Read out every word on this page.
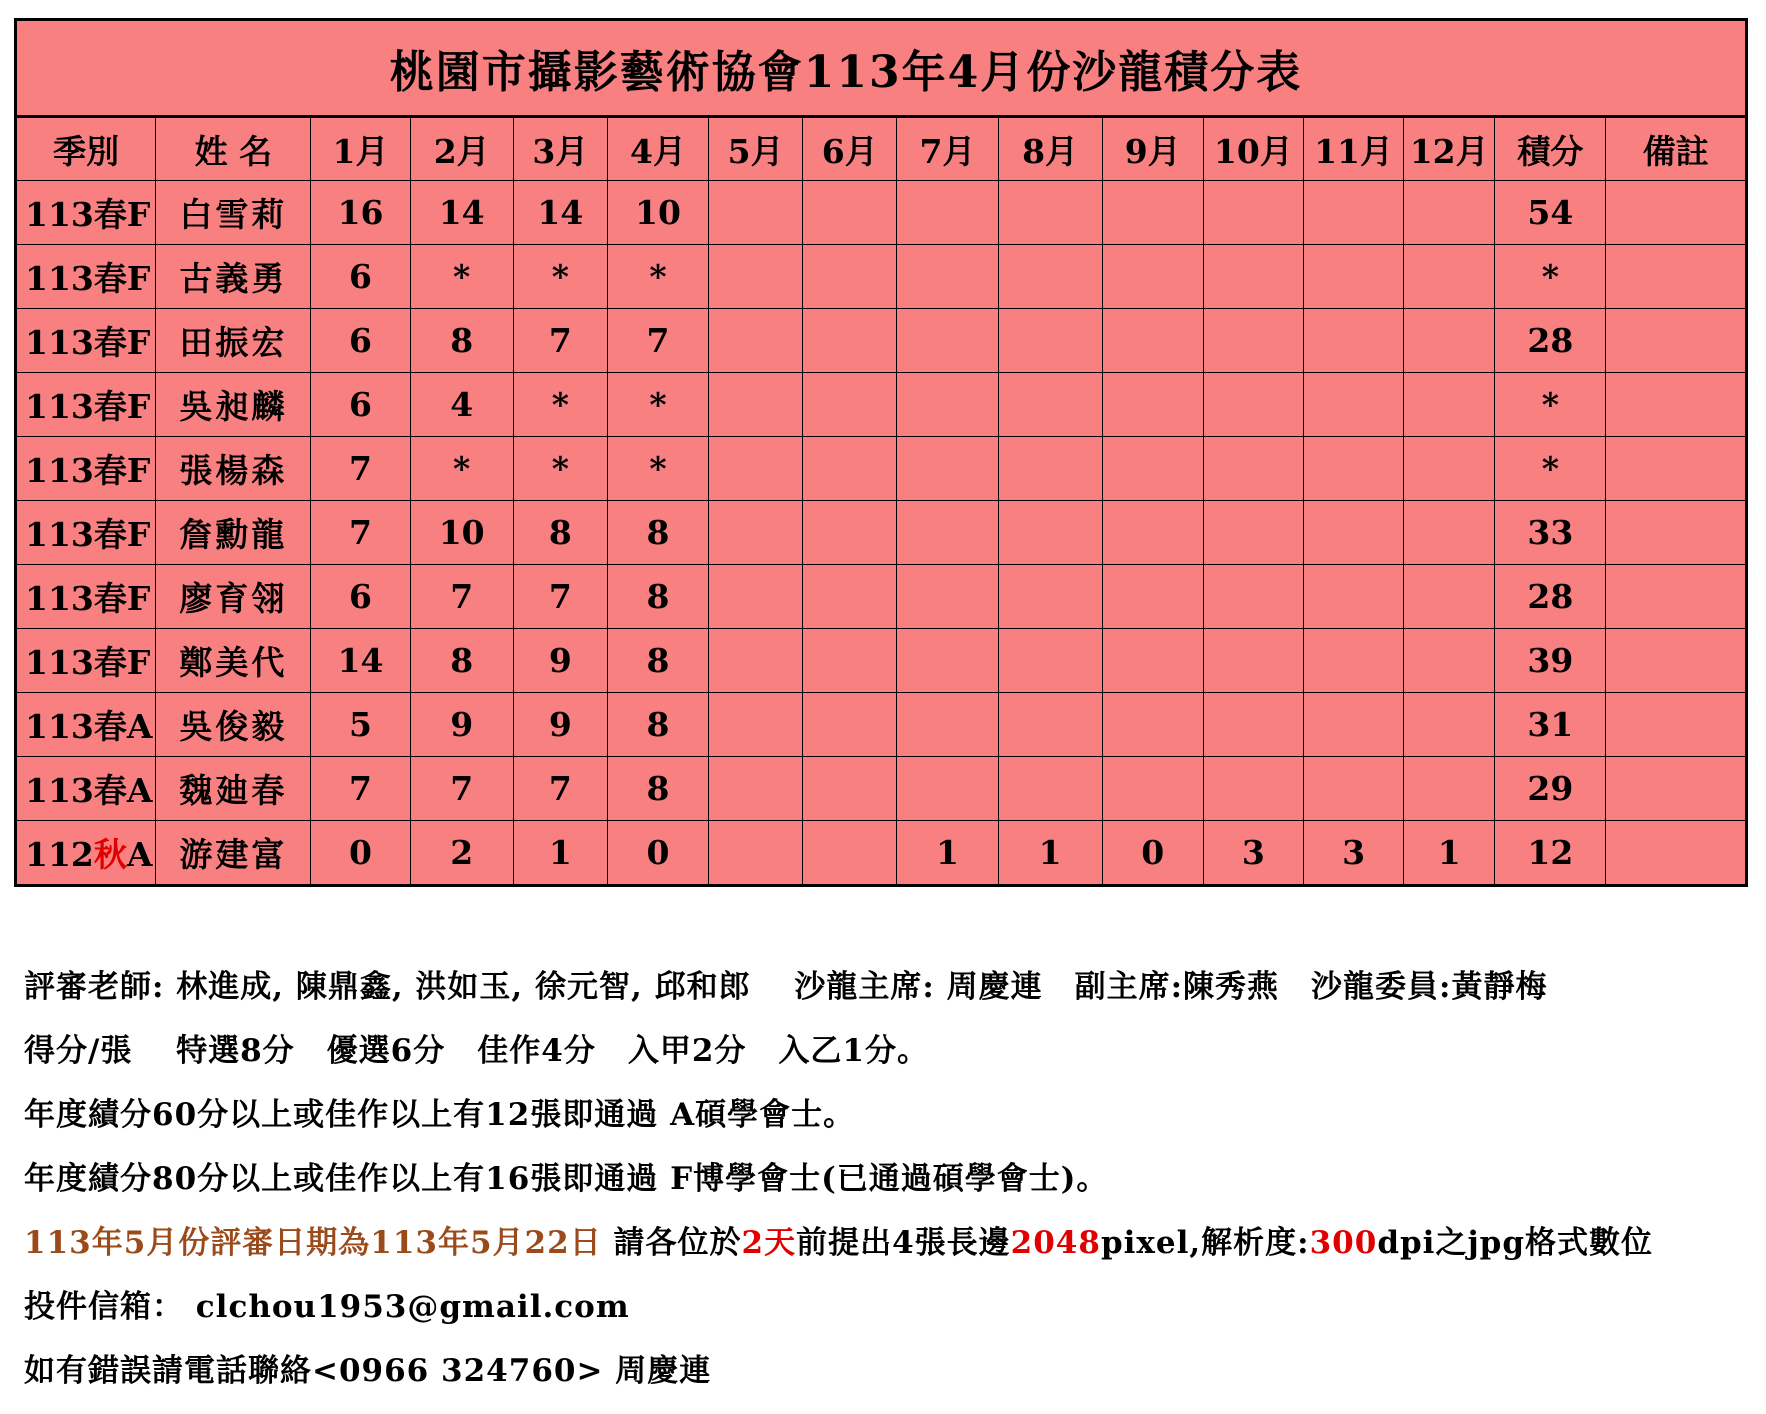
桃園市攝影藝術協會113年4月份沙龍積分表															
季別	姓 名	1月	2月	3月	4月	5月	6月	7月	8月	9月	10月	11月	12月	積分	備註
113春F	白雪莉	16	14	14	10									54	
113春F	古義勇	6	*	*	*									*	
113春F	田振宏	6	8	7	7									28	
113春F	吳昶麟	6	4	*	*									*	
113春F	張楊森	7	*	*	*									*	
113春F	詹勳龍	7	10	8	8									33	
113春F	廖育翎	6	7	7	8									28	
113春F	鄭美代	14	8	9	8									39	
113春A	吳俊毅	5	9	9	8									31	
113春A	魏廸春	7	7	7	8									29	
112秋A	游建富	0	2	1	0			1	1	0	3	3	1	12	
評審老師: 林進成, 陳鼎鑫, 洪如玉, 徐元智, 邱和郎　 沙龍主席: 周慶連　副主席:陳秀燕　沙龍委員:黃靜梅
得分/張　 特選8分　優選6分　佳作4分　入甲2分　入乙1分。
年度績分60分以上或佳作以上有12張即通過 A碩學會士。
年度績分80分以上或佳作以上有16張即通過 F博學會士(已通過碩學會士)。
113年5月份評審日期為113年5月22日 請各位於2天前提出4張長邊2048pixel,解析度:300dpi之jpg格式數位
投件信箱： clchou1953@gmail.com
如有錯誤請電話聯絡<0966 324760> 周慶連
